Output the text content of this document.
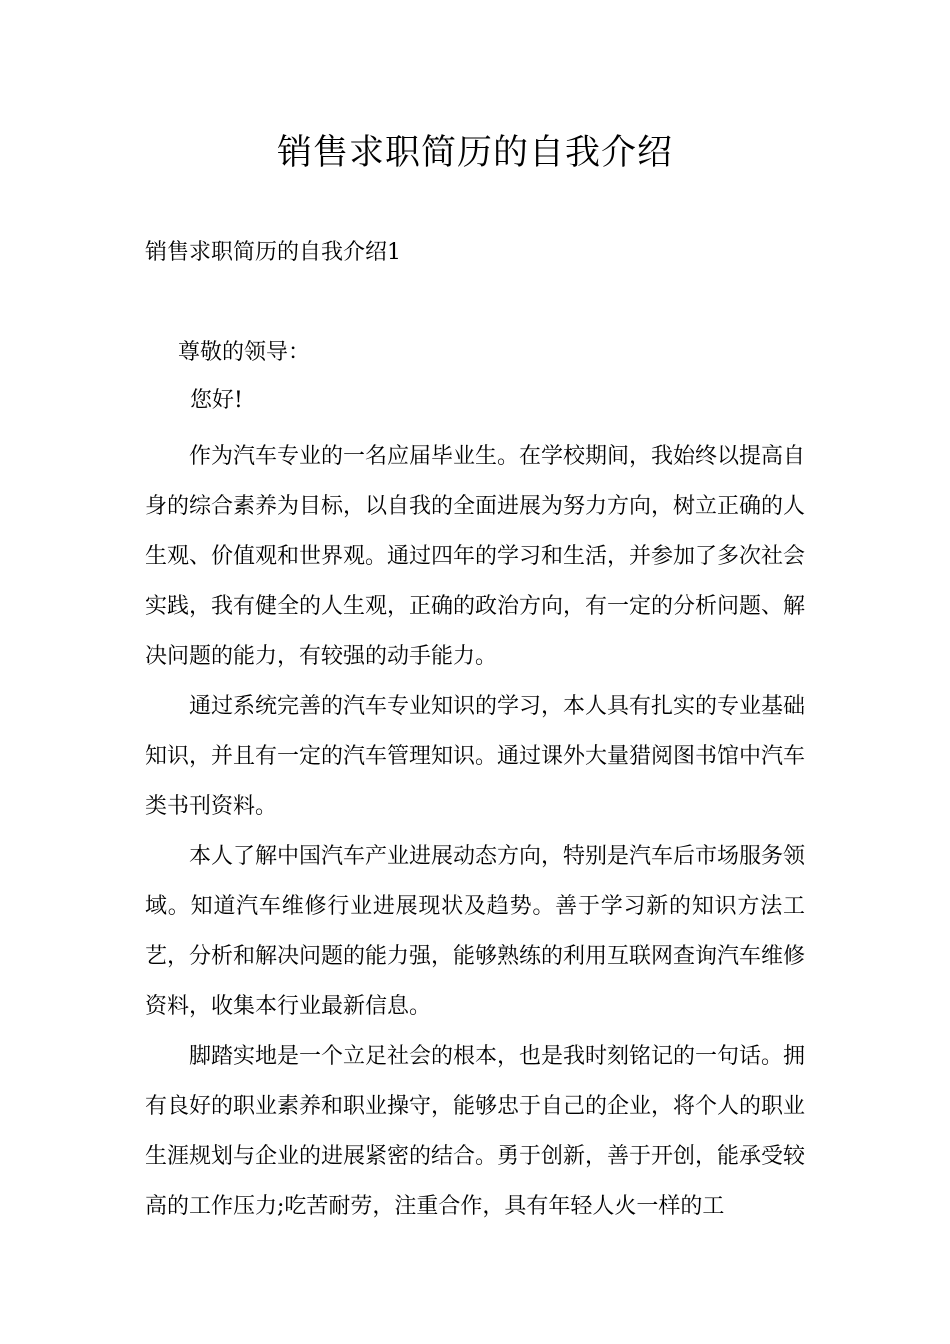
销售求职简历的自我介绍

销售求职简历的自我介绍1

尊敬的领导：

您好!

作为汽车专业的一名应届毕业生。在学校期间，我始终以提高自身的综合素养为目标，以自我的全面进展为努力方向，树立正确的人生观、价值观和世界观。通过四年的学习和生活，并参加了多次社会实践，我有健全的人生观，正确的政治方向，有一定的分析问题、解决问题的能力，有较强的动手能力。

通过系统完善的汽车专业知识的学习，本人具有扎实的专业基础知识，并且有一定的汽车管理知识。通过课外大量猎阅图书馆中汽车类书刊资料。

本人了解中国汽车产业进展动态方向，特别是汽车后市场服务领域。知道汽车维修行业进展现状及趋势。善于学习新的知识方法工艺，分析和解决问题的能力强，能够熟练的利用互联网查询汽车维修资料，收集本行业最新信息。

脚踏实地是一个立足社会的根本，也是我时刻铭记的一句话。拥有良好的职业素养和职业操守，能够忠于自己的企业，将个人的职业生涯规划与企业的进展紧密的结合。勇于创新，善于开创，能承受较高的工作压力;吃苦耐劳，注重合作，具有年轻人火一样的工
